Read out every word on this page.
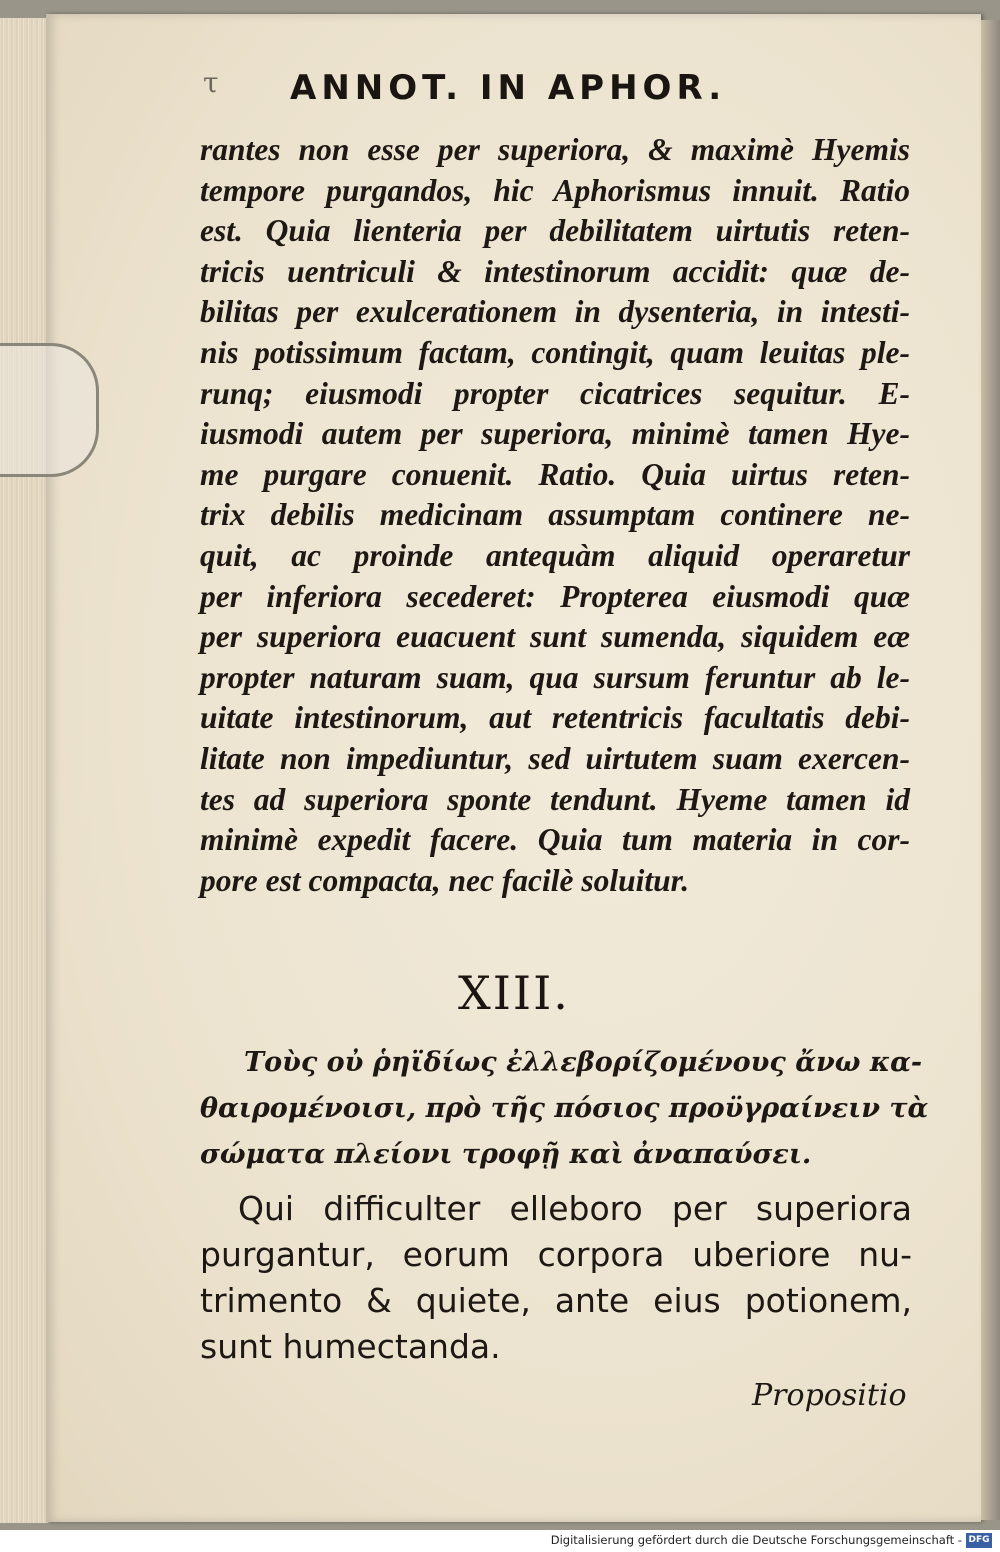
τ ANNOT. IN APHOR.
rantes non esse per superiora, & maximè Hyemis
tempore purgandos, hic Aphorismus innuit. Ratio
est. Quia lienteria per debilitatem uirtutis reten-
tricis uentriculi & intestinorum accidit: quæ de-
bilitas per exulcerationem in dysenteria, in intesti-
nis potissimum factam, contingit, quam leuitas ple-
runq; eiusmodi propter cicatrices sequitur. E-
iusmodi autem per superiora, minimè tamen Hye-
me purgare conuenit. Ratio. Quia uirtus reten-
trix debilis medicinam assumptam continere ne-
quit, ac proinde antequàm aliquid operaretur
per inferiora secederet: Propterea eiusmodi quæ
per superiora euacuent sunt sumenda, siquidem eæ
propter naturam suam, qua sursum feruntur ab le-
uitate intestinorum, aut retentricis facultatis debi-
litate non impediuntur, sed uirtutem suam exercen-
tes ad superiora sponte tendunt. Hyeme tamen id
minimè expedit facere. Quia tum materia in cor-
pore est compacta, nec facilè soluitur.
XIII.
Τοὺς οὐ ῥηϊδίως ἐλλεβορίζομένους ἄνω κα-
θαιρομένοισι, πρὸ τῆς πόσιος προϋγραίνειν τὰ
σώματα πλείονι τροφῇ καὶ ἀναπαύσει.
Qui difficulter elleboro per superiora
purgantur, eorum corpora uberiore nu-
trimento & quiete, ante eius potionem,
sunt humectanda.
Propositio
Digitalisierung gefördert durch die Deutsche Forschungsgemeinschaft - DFG
